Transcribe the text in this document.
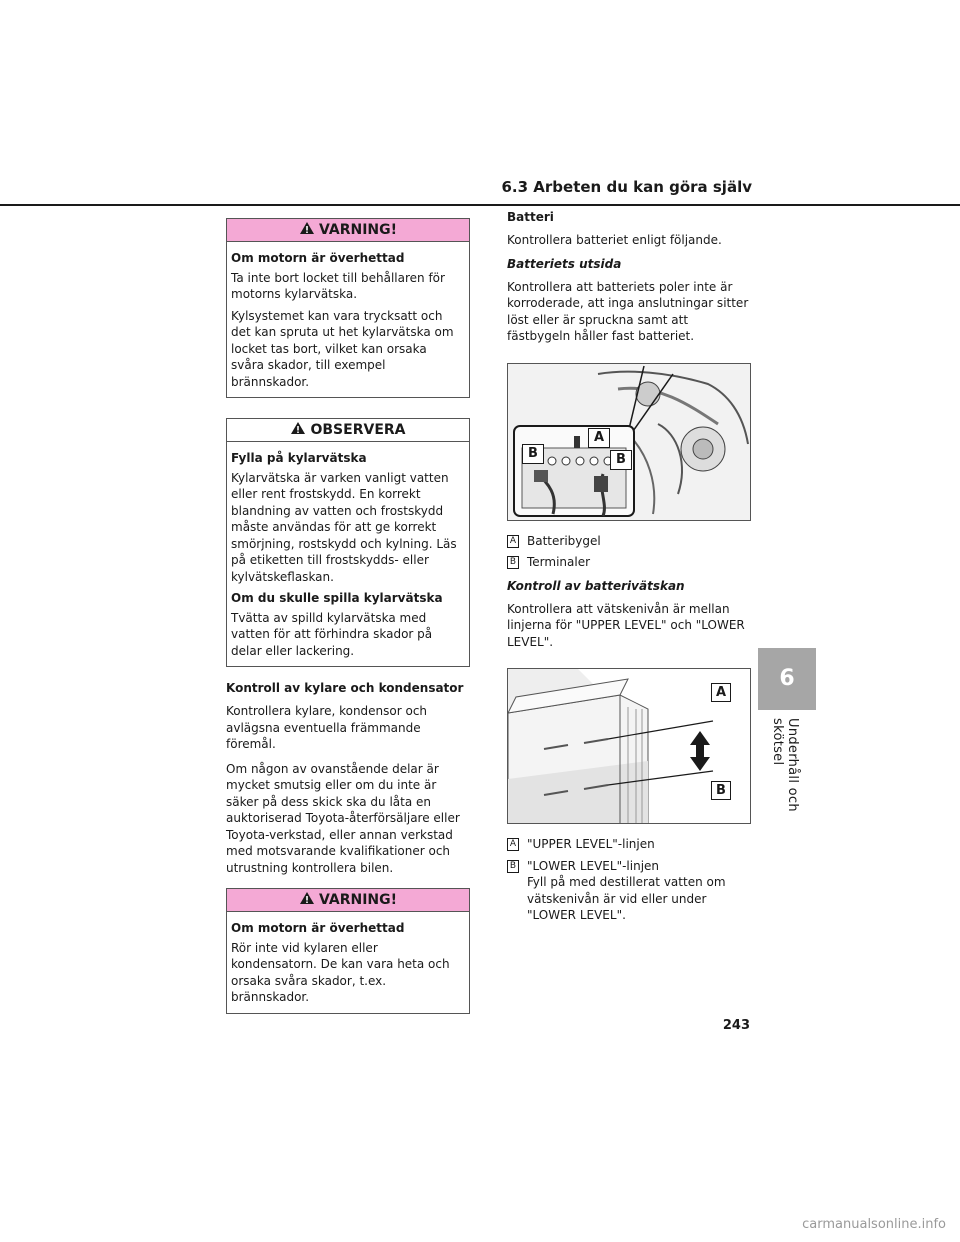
6.3 Arbeten du kan göra själv
6
Underhåll och skötsel
VARNING!
Om motorn är överhettad

Ta inte bort locket till behållaren för motorns kylarvätska.

Kylsystemet kan vara trycksatt och det kan spruta ut het kylarvätska om locket tas bort, vilket kan orsaka svåra skador, till exempel brännskador.

OBSERVERA
Fylla på kylarvätska

Kylarvätska är varken vanligt vatten eller rent frostskydd. En korrekt blandning av vatten och frostskydd måste användas för att ge korrekt smörjning, rostskydd och kylning. Läs på etiketten till frostskydds- eller kylvätskeflaskan.

Om du skulle spilla kylarvätska

Tvätta av spilld kylarvätska med vatten för att förhindra skador på delar eller lackering.

Kontroll av kylare och kondensator

Kontrollera kylare, kondensor och avlägsna eventuella främmande föremål.

Om någon av ovanstående delar är mycket smutsig eller om du inte är säker på dess skick ska du låta en auktoriserad Toyota-återförsäljare eller Toyota-verkstad, eller annan verkstad med motsvarande kvalifikationer och utrustning kontrollera bilen.

VARNING!
Om motorn är överhettad

Rör inte vid kylaren eller kondensatorn. De kan vara heta och orsaka svåra skador, t.ex. brännskador.

Batteri

Kontrollera batteriet enligt följande.

Batteriets utsida

Kontrollera att batteriets poler inte är korroderade, att inga anslutningar sitter löst eller är spruckna samt att fästbygeln håller fast batteriet.

A
B	B
A Batteribygel
B Terminaler
Kontroll av batterivätskan

Kontrollera att vätskenivån är mellan linjerna för "UPPER LEVEL" och "LOWER LEVEL".

A
B
A "UPPER LEVEL"-linjen
B "LOWER LEVEL"-linjen
Fyll på med destillerat vatten om vätskenivån är vid eller under "LOWER LEVEL".
243
carmanualsonline.info
